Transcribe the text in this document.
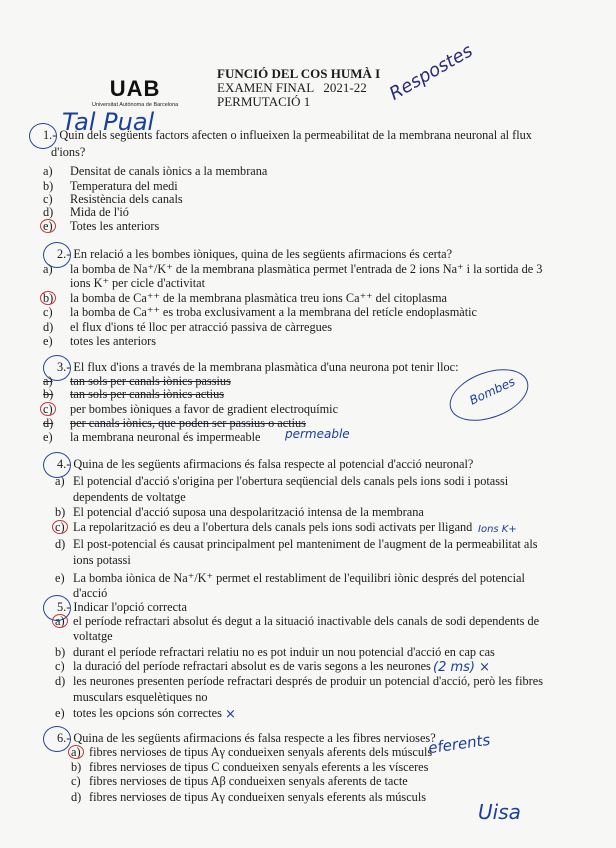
UAB
Universitat Autònoma de Barcelona
FUNCIÓ DEL COS HUMÀ I
EXAMEN FINAL   2021-22
PERMUTACIÓ 1
Tal Pual
Respostes
Bombes
permeable
Ions K+
(2 ms) ×
×
eferents
Uisa
1.- Quin dels següents factors afecten o influeixen la permeabilitat de la membrana neuronal al flux
d'ions?
a) Densitat de canals iònics a la membrana
b) Temperatura del medi
c) Resistència dels canals
d) Mida de l'ió
e) Totes les anteriors
2.- En relació a les bombes iòniques, quina de les següents afirmacions és certa?
a) la bomba de Na⁺/K⁺ de la membrana plasmàtica permet l'entrada de 2 ions Na⁺ i la sortida de 3
ions K⁺ per cicle d'activitat
b) la bomba de Ca⁺⁺ de la membrana plasmàtica treu ions Ca⁺⁺ del citoplasma
c) la bomba de Ca⁺⁺ es troba exclusivament a la membrana del retícle endoplasmàtic
d) el flux d'ions té lloc per atracció passiva de càrregues
e) totes les anteriors
3.- El flux d'ions a través de la membrana plasmàtica d'una neurona pot tenir lloc:
a) tan sols per canals iònics passius
b) tan sols per canals iònics actius
c) per bombes iòniques a favor de gradient electroquímic
d) per canals iònics, que poden ser passius o actius
e) la membrana neuronal és impermeable
4.- Quina de les següents afirmacions és falsa respecte al potencial d'acció neuronal?
a) El potencial d'acció s'origina per l'obertura seqüencial dels canals pels ions sodi i potassi
dependents de voltatge
b) El potencial d'acció suposa una despolarització intensa de la membrana
c) La repolarització es deu a l'obertura dels canals pels ions sodi activats per lligand
d) El post-potencial és causat principalment pel manteniment de l'augment de la permeabilitat als
ions potassi
e) La bomba iònica de Na⁺/K⁺ permet el restabliment de l'equilibri iònic després del potencial
d'acció
5.- Indicar l'opció correcta
a) el període refractari absolut és degut a la situació inactivable dels canals de sodi dependents de
voltatge
b) durant el període refractari relatiu no es pot induir un nou potencial d'acció en cap cas
c) la duració del període refractari absolut es de varis segons a les neurones
d) les neurones presenten període refractari després de produir un potencial d'acció, però les fibres
musculars esquelètiques no
e) totes les opcions són correctes
6.- Quina de les següents afirmacions és falsa respecte a les fibres nervioses?
a) fibres nervioses de tipus Aγ condueixen senyals aferents dels músculs
b) fibres nervioses de tipus C condueixen senyals eferents a les vísceres
c) fibres nervioses de tipus Aβ condueixen senyals aferents de tacte
d) fibres nervioses de tipus Aγ condueixen senyals eferents als músculs
